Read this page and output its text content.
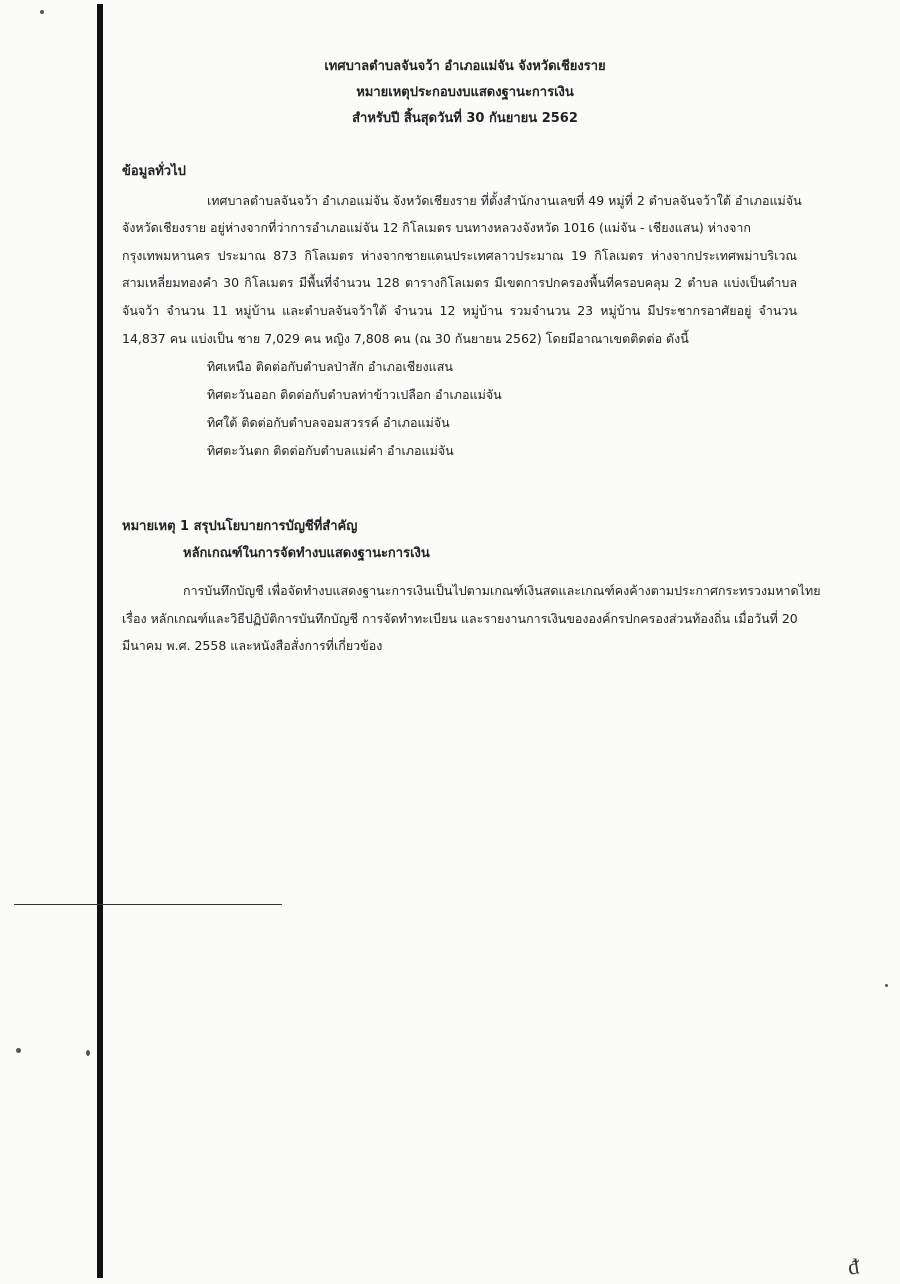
เทศบาลตำบลจันจว้า อำเภอแม่จัน จังหวัดเชียงราย
หมายเหตุประกอบงบแสดงฐานะการเงิน
สำหรับปี สิ้นสุดวันที่ 30 กันยายน 2562
ข้อมูลทั่วไป
เทศบาลตำบลจันจว้า อำเภอแม่จัน จังหวัดเชียงราย ที่ตั้งสำนักงานเลขที่ 49 หมู่ที่ 2 ตำบลจันจว้าใต้ อำเภอแม่จัน
จังหวัดเชียงราย อยู่ห่างจากที่ว่าการอำเภอแม่จัน 12 กิโลเมตร บนทางหลวงจังหวัด 1016 (แม่จัน - เชียงแสน) ห่างจาก
กรุงเทพมหานคร ประมาณ 873 กิโลเมตร ห่างจากชายแดนประเทศลาวประมาณ 19 กิโลเมตร ห่างจากประเทศพม่าบริเวณ
สามเหลี่ยมทองคำ 30 กิโลเมตร มีพื้นที่จำนวน 128 ตารางกิโลเมตร มีเขตการปกครองพื้นที่ครอบคลุม 2 ตำบล แบ่งเป็นตำบล
จันจว้า จำนวน 11 หมู่บ้าน และตำบลจันจว้าใต้ จำนวน 12 หมู่บ้าน รวมจำนวน 23 หมู่บ้าน มีประชากรอาศัยอยู่ จำนวน
14,837 คน แบ่งเป็น ชาย 7,029 คน หญิง 7,808 คน (ณ 30 กันยายน 2562) โดยมีอาณาเขตติดต่อ ดังนี้
ทิศเหนือ ติดต่อกับตำบลป่าสัก อำเภอเชียงแสน
ทิศตะวันออก ติดต่อกับตำบลท่าข้าวเปลือก อำเภอแม่จัน
ทิศใต้ ติดต่อกับตำบลจอมสวรรค์ อำเภอแม่จัน
ทิศตะวันตก ติดต่อกับตำบลแม่คำ อำเภอแม่จัน
หมายเหตุ 1 สรุปนโยบายการบัญชีที่สำคัญ
หลักเกณฑ์ในการจัดทำงบแสดงฐานะการเงิน
การบันทึกบัญชี เพื่อจัดทำงบแสดงฐานะการเงินเป็นไปตามเกณฑ์เงินสดและเกณฑ์คงค้างตามประกาศกระทรวงมหาดไทย
เรื่อง หลักเกณฑ์และวิธีปฏิบัติการบันทึกบัญชี การจัดทำทะเบียน และรายงานการเงินขององค์กรปกครองส่วนท้องถิ่น เมื่อวันที่ 20
มีนาคม พ.ศ. 2558 และหนังสือสั่งการที่เกี่ยวข้อง
ᵭ
